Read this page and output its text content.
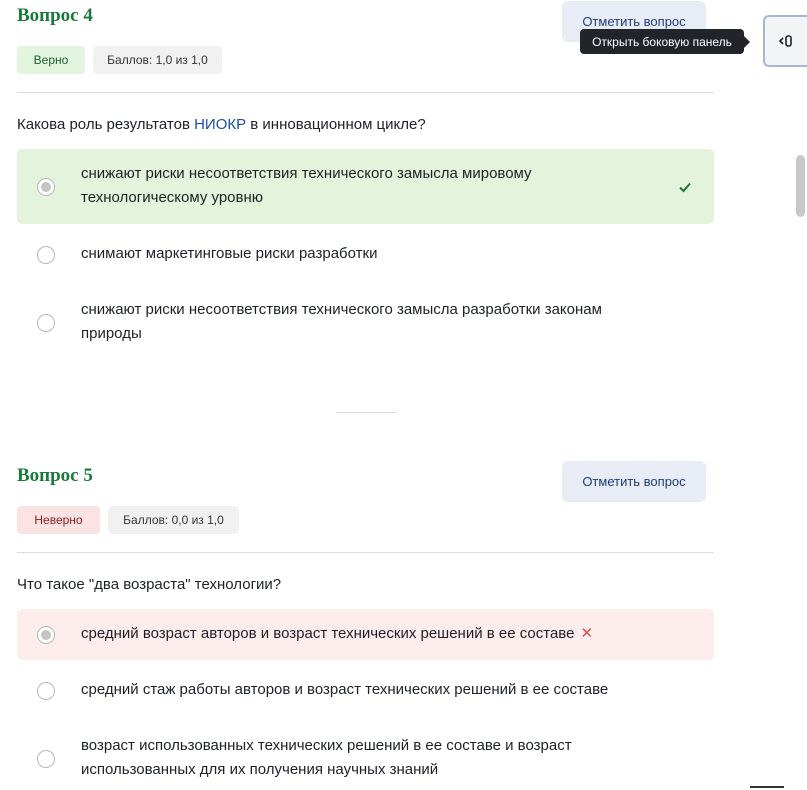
Вопрос 4	Отметить вопрос
Верно	Баллов: 1,0 из 1,0
Какова роль результатов НИОКР в инновационном цикле?
снижают риски несоответствия технического замысла мировому
технологическому уровню
снимают маркетинговые риски разработки
снижают риски несоответствия технического замысла разработки законам
природы
Вопрос 5	Отметить вопрос
Неверно	Баллов: 0,0 из 1,0
Что такое "два возраста" технологии?
средний возраст авторов и возраст технических решений в ее составе ✕
средний стаж работы авторов и возраст технических решений в ее составе
возраст использованных технических решений в ее составе и возраст
использованных для их получения научных знаний
Открыть боковую панель
